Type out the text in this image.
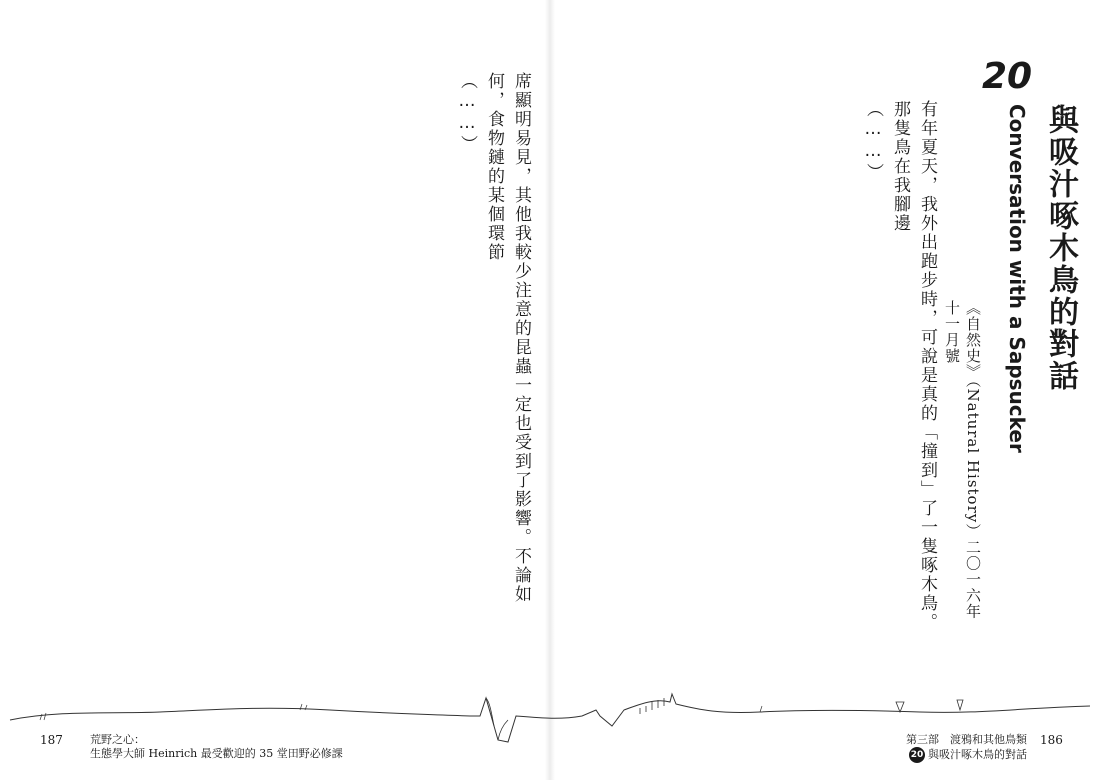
席顯明易見，其他我較少注意的昆蟲一定也受到了影響。不論如何，食物鏈的某個環節
（……）	20
與吸汁啄木鳥的對話
Conversation with a Sapsucker
《自然史》（Natural History）二〇一六年十一月號
有年夏天，我外出跑步時，可說是真的「撞到」了一隻啄木鳥。那隻鳥在我腳邊
（……）
187 荒野之心：
生態學大師 Heinrich 最受歡迎的 35 堂田野必修課
第三部　渡鴉和其他鳥類
20 與吸汁啄木鳥的對話
186
